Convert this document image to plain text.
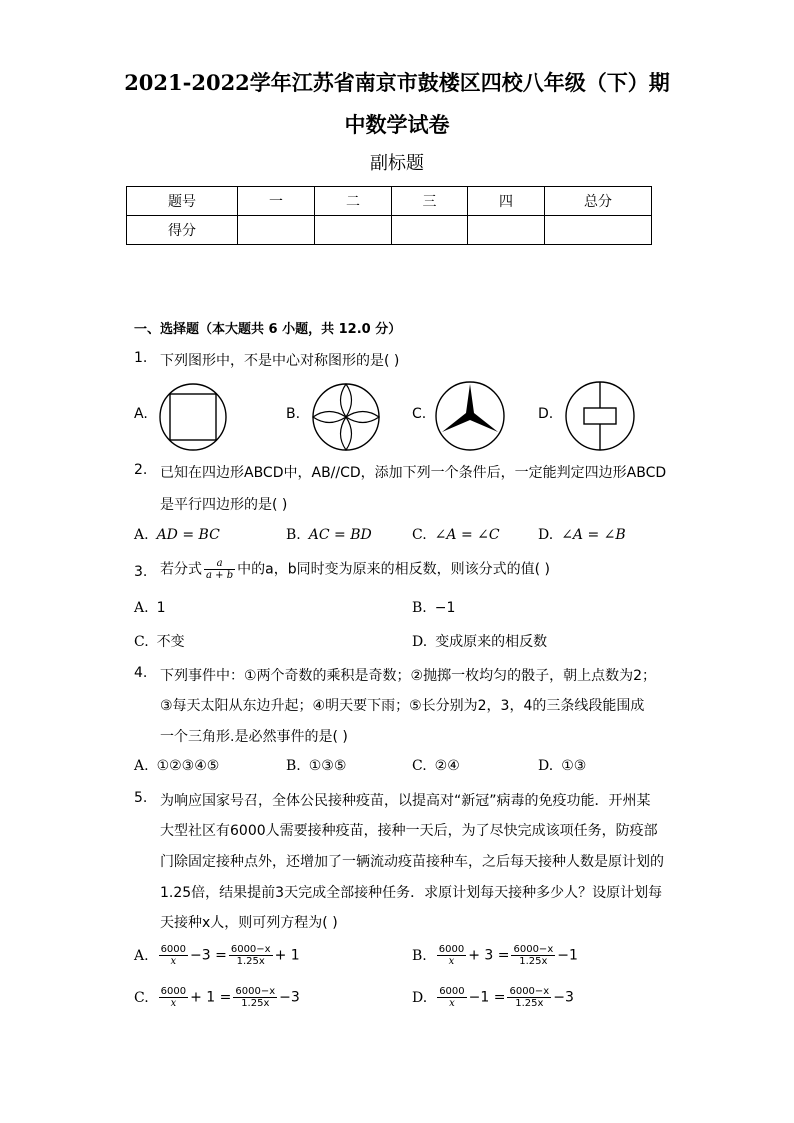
2021-2022学年江苏省南京市鼓楼区四校八年级（下）期
中数学试卷
副标题
题号	一	二	三	四	总分
得分					
一、选择题（本大题共 6 小题，共 12.0 分）
1. 下列图形中，不是中心对称图形的是( )
A.	B.	C.	D.
2. 已知在四边形ABCD中，AB//CD，添加下列一个条件后，一定能判定四边形ABCD
是平行四边形的是( )
A. AD = BC	B. AC = BD	C. ∠A = ∠C	D. ∠A = ∠B
3. 若分式 $\frac{a}{a + b}$ 中的a，b同时变为原来的相反数，则该分式的值( )
A. 1	B. −1
C. 不变	D. 变成原来的相反数
4. 下列事件中：①两个奇数的乘积是奇数；②抛掷一枚均匀的骰子，朝上点数为2；
③每天太阳从东边升起；④明天要下雨；⑤长分别为2，3，4的三条线段能围成
一个三角形.是必然事件的是( )
A. ①②③④⑤	B. ①③⑤	C. ②④	D. ①③
5. 为响应国家号召，全体公民接种疫苗，以提高对“新冠”病毒的免疫功能．开州某
大型社区有6000人需要接种疫苗，接种一天后，为了尽快完成该项任务，防疫部
门除固定接种点外，还增加了一辆流动疫苗接种车，之后每天接种人数是原计划的
1.25倍，结果提前3天完成全部接种任务．求原计划每天接种多少人？设原计划每
天接种x人，则可列方程为( )
A. $\frac{6000}{x} -3 = \frac{6000-x}{1.25x} + 1$	B. $\frac{6000}{x} + 3 = \frac{6000-x}{1.25x} -1$
C. $\frac{6000}{x} + 1 = \frac{6000-x}{1.25x} -3$	D. $\frac{6000}{x} -1 = \frac{6000-x}{1.25x} -3$
